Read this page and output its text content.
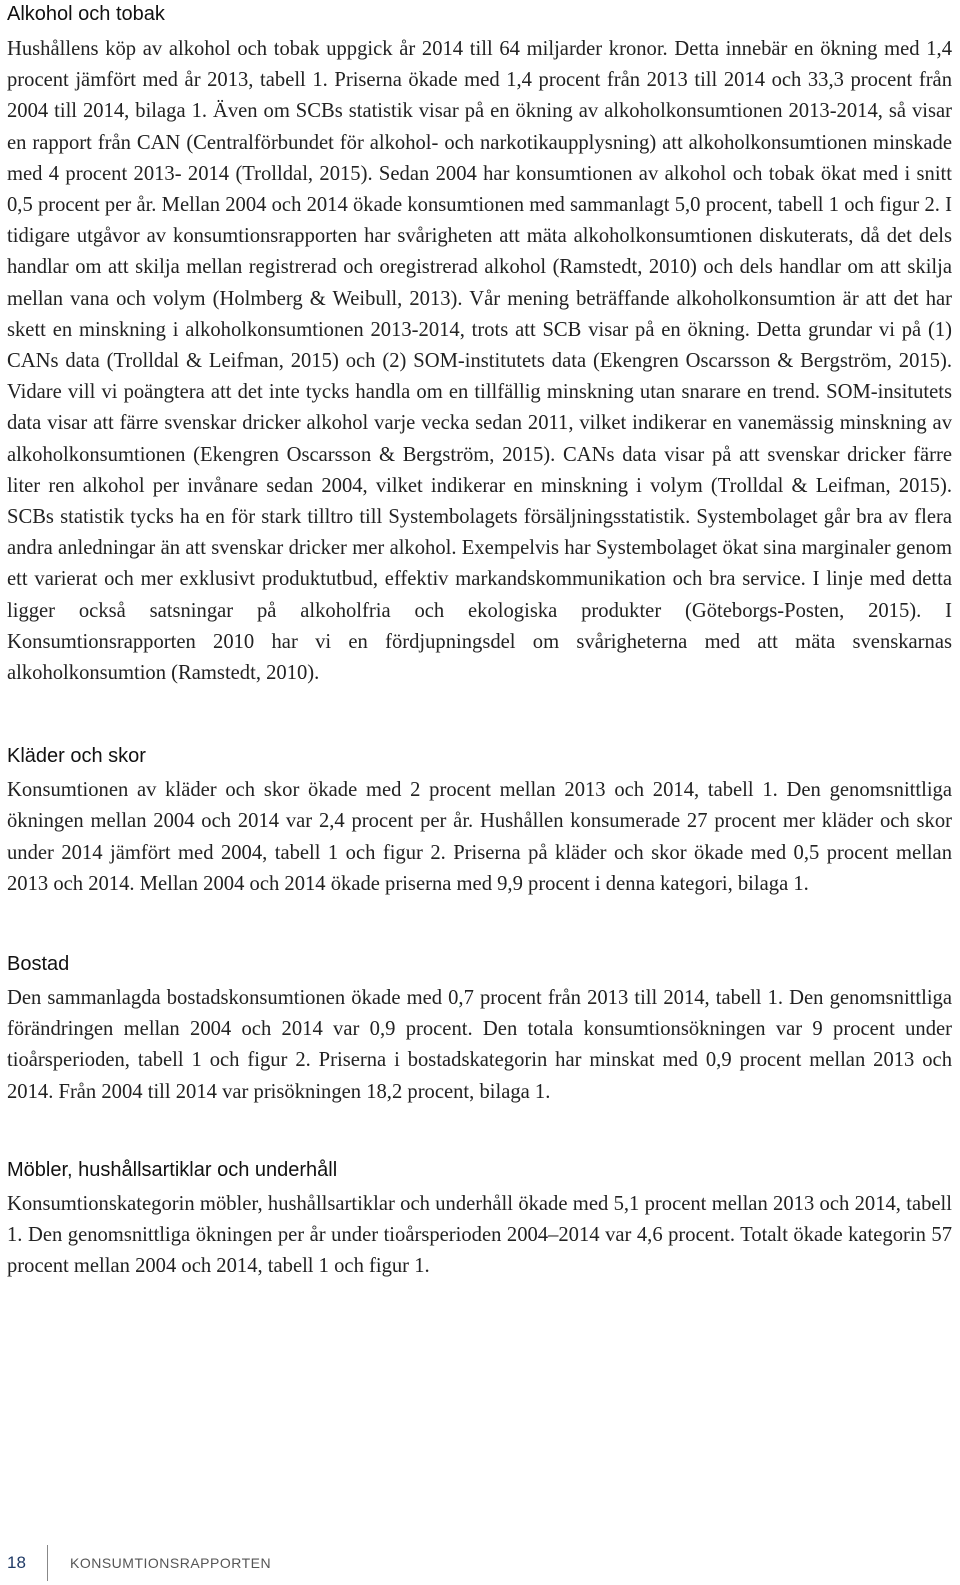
Alkohol och tobak

Hushållens köp av alkohol och tobak uppgick år 2014 till 64 miljarder kronor. Detta innebär en ökning med 1,4 procent jämfört med år 2013, tabell 1. Priserna ökade med 1,4 procent från 2013 till 2014 och 33,3 procent från 2004 till 2014, bilaga 1. Även om SCBs statistik visar på en ökning av alkoholkonsumtionen 2013-2014, så visar en rapport från CAN (Centralförbundet för alkohol- och narkotikaupplysning) att alkoholkonsumtionen minskade med 4 procent 2013- 2014 (Trolldal, 2015). Sedan 2004 har konsumtionen av alkohol och tobak ökat med i snitt 0,5 procent per år. Mellan 2004 och 2014 ökade konsumtionen med sammanlagt 5,0 procent, tabell 1 och figur 2. I tidigare utgåvor av konsumtionsrapporten har svårigheten att mäta alkoholkonsumtionen diskuterats, då det dels handlar om att skilja mellan registrerad och oregistrerad alkohol (Ramstedt, 2010) och dels handlar om att skilja mellan vana och volym (Holmberg & Weibull, 2013). Vår mening beträffande alkoholkonsumtion är att det har skett en minskning i alkoholkonsumtionen 2013-2014, trots att SCB visar på en ökning. Detta grundar vi på (1) CANs data (Trolldal & Leifman, 2015) och (2) SOM-institutets data (Ekengren Oscarsson & Bergström, 2015). Vidare vill vi poängtera att det inte tycks handla om en tillfällig minskning utan snarare en trend. SOM-insitutets data visar att färre svenskar dricker alkohol varje vecka sedan 2011, vilket indikerar en vanemässig minskning av alkoholkonsumtionen (Ekengren Oscarsson & Bergström, 2015). CANs data visar på att svenskar dricker färre liter ren alkohol per invånare sedan 2004, vilket indikerar en minskning i volym (Trolldal & Leifman, 2015). SCBs statistik tycks ha en för stark tilltro till Systembolagets försäljningsstatistik. Systembolaget går bra av flera andra anledningar än att svenskar dricker mer alkohol. Exempelvis har Systembolaget ökat sina marginaler genom ett varierat och mer exklusivt produktutbud, effektiv markandskommunikation och bra service. I linje med detta ligger också satsningar på alkoholfria och ekologiska produkter (Göteborgs-Posten, 2015). I Konsumtionsrapporten 2010 har vi en fördjupningsdel om svårigheterna med att mäta svenskarnas alkoholkonsumtion (Ramstedt, 2010).

Kläder och skor

Konsumtionen av kläder och skor ökade med 2 procent mellan 2013 och 2014, tabell 1. Den genomsnittliga ökningen mellan 2004 och 2014 var 2,4 procent per år. Hushållen konsumerade 27 procent mer kläder och skor under 2014 jämfört med 2004, tabell 1 och figur 2. Priserna på kläder och skor ökade med 0,5 procent mellan 2013 och 2014. Mellan 2004 och 2014 ökade priserna med 9,9 procent i denna kategori, bilaga 1.

Bostad

Den sammanlagda bostadskonsumtionen ökade med 0,7 procent från 2013 till 2014, tabell 1. Den genomsnittliga förändringen mellan 2004 och 2014 var 0,9 procent. Den totala konsumtionsökningen var 9 procent under tioårsperioden, tabell 1 och figur 2. Priserna i bostadskategorin har minskat med 0,9 procent mellan 2013 och 2014. Från 2004 till 2014 var prisökningen 18,2 procent, bilaga 1.

Möbler, hushållsartiklar och underhåll

Konsumtionskategorin möbler, hushållsartiklar och underhåll ökade med 5,1 procent mellan 2013 och 2014, tabell 1. Den genomsnittliga ökningen per år under tioårsperioden 2004–2014 var 4,6 procent. Totalt ökade kategorin 57 procent mellan 2004 och 2014, tabell 1 och figur 1.

18	KONSUMTIONSRAPPORTEN
